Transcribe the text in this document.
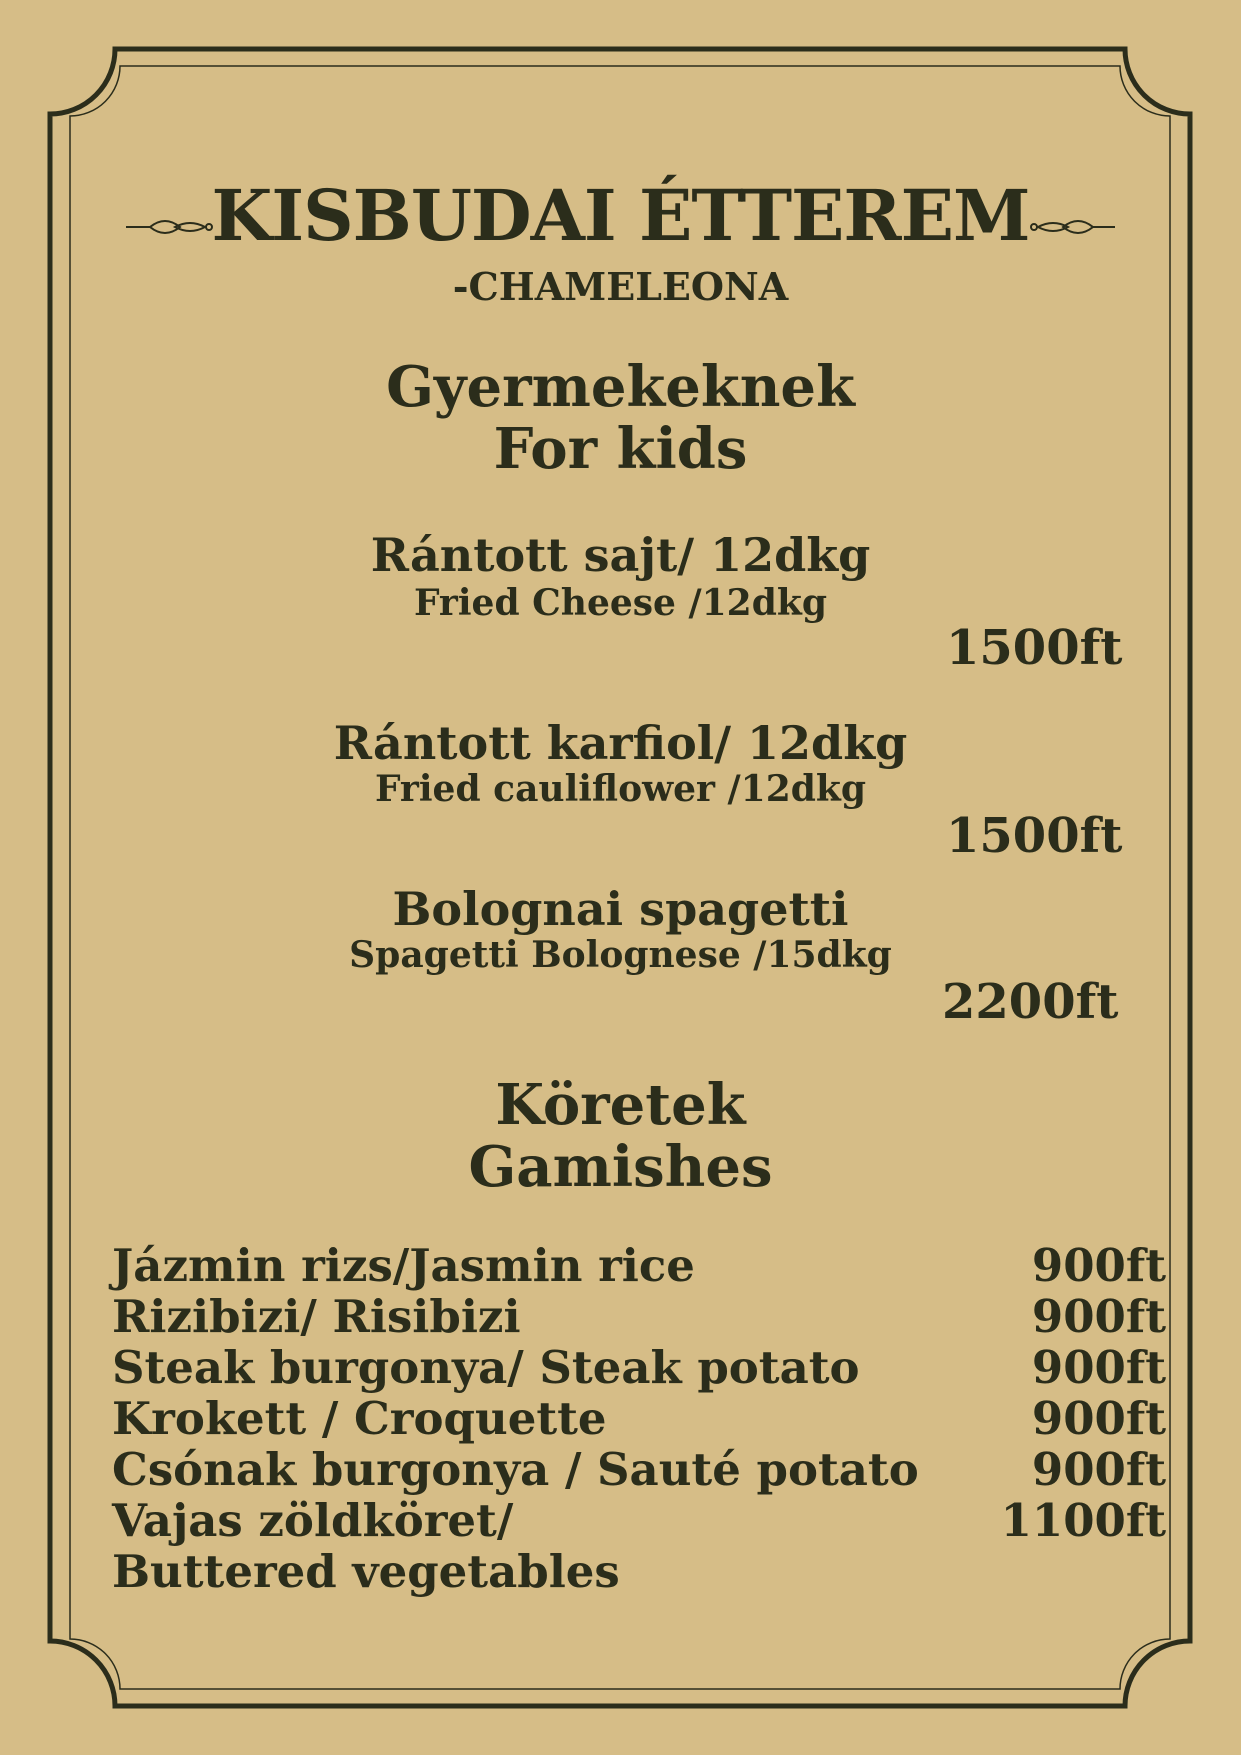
KISBUDAI ÉTTEREM
-CHAMELEONA
Gyermekeknek
For kids
Rántott sajt/ 12dkg
Fried Cheese /12dkg
1500ft
Rántott karfiol/ 12dkg
Fried cauliflower /12dkg
1500ft
Bolognai spagetti
Spagetti Bolognese /15dkg
2200ft
Köretek
Gamishes
Jázmin rizs/Jasmin rice	900ft
Rizibizi/ Risibizi	900ft
Steak burgonya/ Steak potato	900ft
Krokett / Croquette	900ft
Csónak burgonya / Sauté potato	900ft
Vajas zöldköret/	1100ft
Buttered vegetables
